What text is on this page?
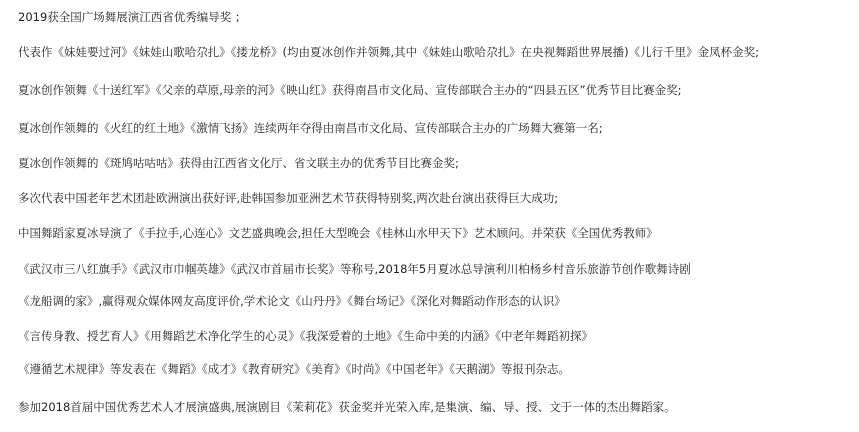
2019获全国广场舞展演江西省优秀编导奖 ；
代表作《妹娃要过河》《妹娃山歌哈尕扎》《搂龙桥》(均由夏冰创作并领舞,其中《妹娃山歌哈尕扎》在央视舞蹈世界展播)《儿行千里》金凤杯金奖;
夏冰创作领舞《十送红军》《父亲的草原,母亲的河》《映山红》获得南昌市文化局、宣传部联合主办的“四县五区”优秀节目比赛金奖;
夏冰创作领舞的《火红的红土地》《激情飞扬》连续两年夺得由南昌市文化局、宣传部联合主办的广场舞大赛第一名;
夏冰创作领舞的《斑鸠咕咕咕》获得由江西省文化厅、省文联主办的优秀节目比赛金奖;
多次代表中国老年艺术团赴欧洲演出获好评,赴韩国参加亚洲艺术节获得特别奖,两次赴台演出获得巨大成功;
中国舞蹈家夏冰导演了《手拉手,心连心》文艺盛典晚会,担任大型晚会《桂林山水甲天下》艺术顾问。并荣获《全国优秀教师》
《武汉市三八红旗手》《武汉市巾帼英雄》《武汉市首届市长奖》等称号,2018年5月夏冰总导演利川柏杨乡村音乐旅游节创作歌舞诗剧
《龙船调的家》,赢得观众媒体网友高度评价,学术论文《山丹丹》《舞台场记》《深化对舞蹈动作形态的认识》
《言传身教、授艺育人》《用舞蹈艺术净化学生的心灵》《我深爱着的土地》《生命中美的内涵》《中老年舞蹈初探》
《遵循艺术规律》等发表在《舞蹈》《成才》《教育研究》《美育》《时尚》《中国老年》《天鹅湖》等报刊杂志。
参加2018首届中国优秀艺术人才展演盛典,展演剧目《茉莉花》获金奖并光荣入库,是集演、编、导、授、文于一体的杰出舞蹈家。
